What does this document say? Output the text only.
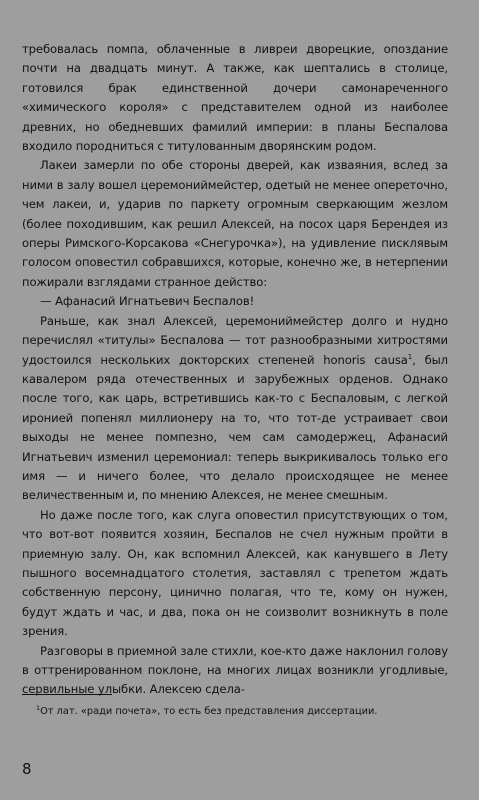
требовалась помпа, облаченные в ливреи дворецкие, опоздание почти на двадцать минут. А также, как шептались в столице, готовился брак единственной дочери самонареченного «химического короля» с представителем одной из наиболее древних, но обедневших фамилий империи: в планы Беспалова входило породниться с титулованным дворянским родом.

Лакеи замерли по обе стороны дверей, как изваяния, вслед за ними в залу вошел церемониймейстер, одетый не менее опереточно, чем лакеи, и, ударив по паркету огромным сверкающим жезлом (более походившим, как решил Алексей, на посох царя Берендея из оперы Римского-Корсакова «Снегурочка»), на удивление писклявым голосом оповестил собравшихся, которые, конечно же, в нетерпении пожирали взглядами странное действо:

— Афанасий Игнатьевич Беспалов!

Раньше, как знал Алексей, церемониймейстер долго и нудно перечислял «титулы» Беспалова — тот разнообразными хитростями удостоился нескольких докторских степеней honoris causa$^1$, был кавалером ряда отечественных и зарубежных орденов. Однако после того, как царь, встретившись как-то с Беспаловым, с легкой иронией попенял миллионеру на то, что тот-де устраивает свои выходы не менее помпезно, чем сам самодержец, Афанасий Игнатьевич изменил церемониал: теперь выкрикивалось только его имя — и ничего более, что делало происходящее не менее величественным и, по мнению Алексея, не менее смешным.

Но даже после того, как слуга оповестил присутствующих о том, что вот-вот появится хозяин, Беспалов не счел нужным пройти в приемную залу. Он, как вспомнил Алексей, как канувшего в Лету пышного восемнадцатого столетия, заставлял с трепетом ждать собственную персону, цинично полагая, что те, кому он нужен, будут ждать и час, и два, пока он не соизволит возникнуть в поле зрения.

Разговоры в приемной зале стихли, кое-кто даже наклонил голову в оттренированном поклоне, на многих лицах возникли угодливые, сервильные улыбки. Алексею сдела-

$^1$От лат. «ради почета», то есть без представления диссертации.
8
